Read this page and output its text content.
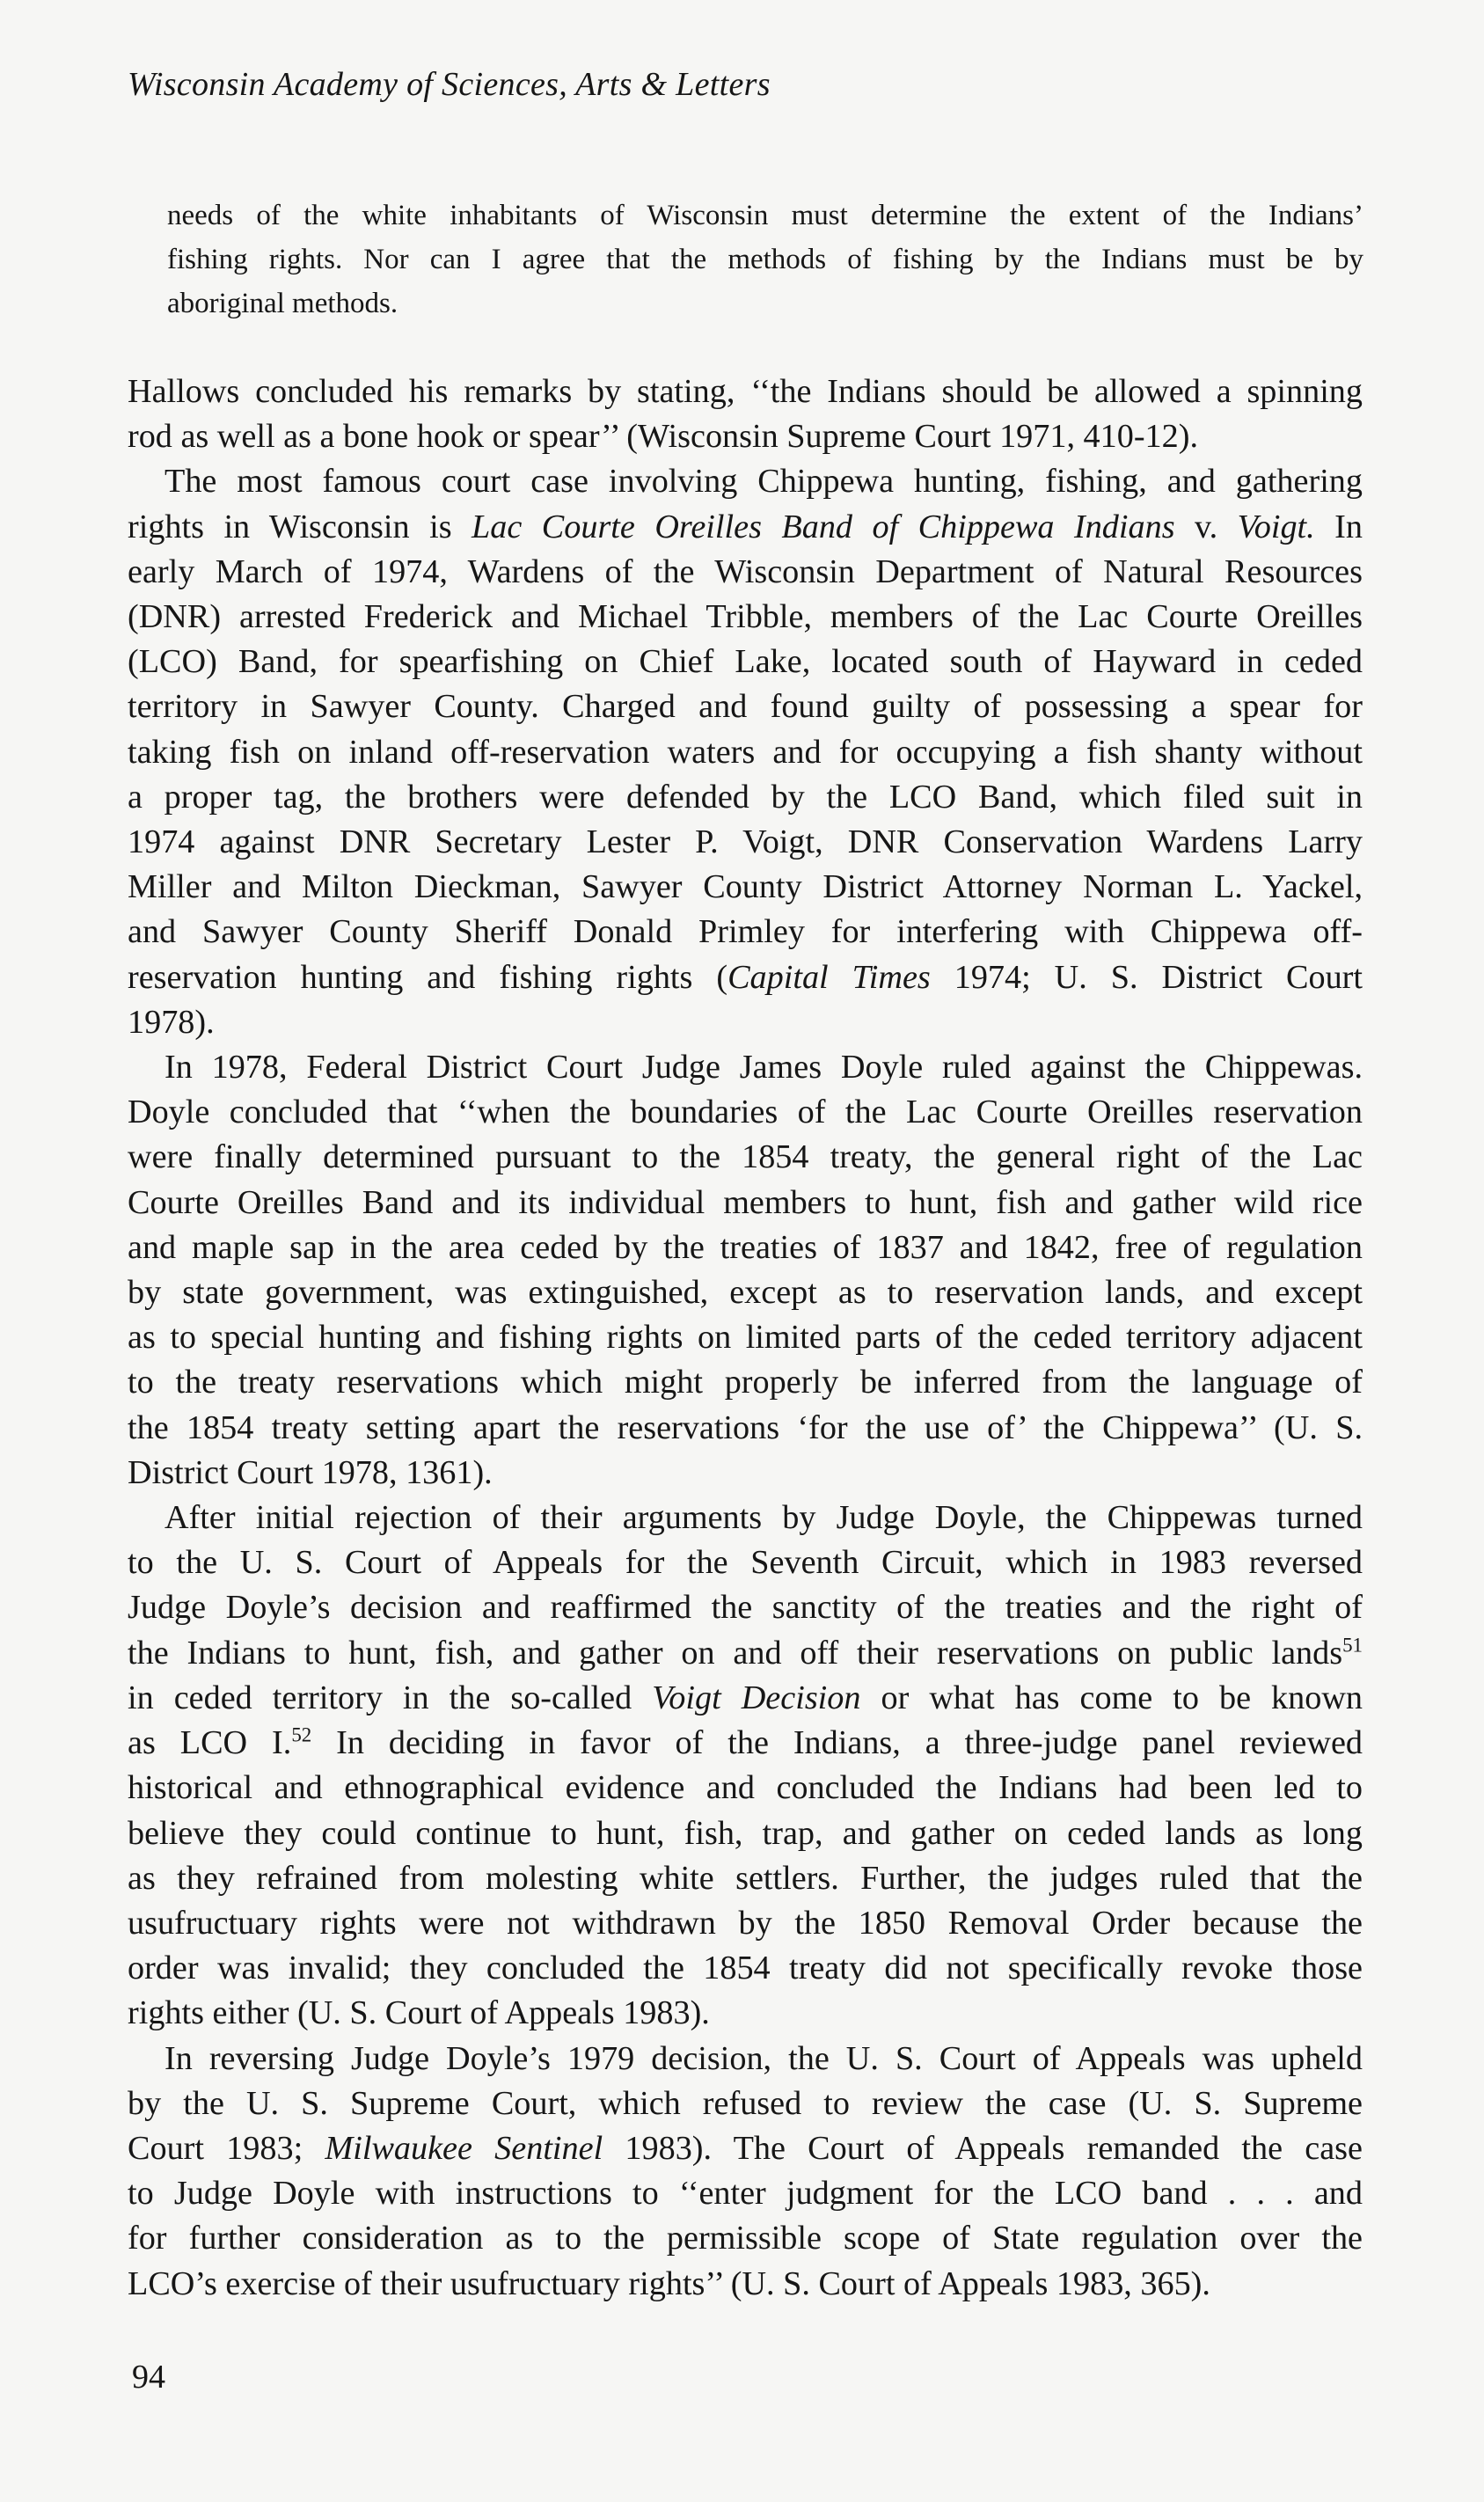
Wisconsin Academy of Sciences, Arts & Letters
needs of the white inhabitants of Wisconsin must determine the extent of the Indians’
fishing rights. Nor can I agree that the methods of fishing by the Indians must be by
aboriginal methods.
Hallows concluded his remarks by stating, ‘‘the Indians should be allowed a spinning
rod as well as a bone hook or spear’’ (Wisconsin Supreme Court 1971, 410-12).
The most famous court case involving Chippewa hunting, fishing, and gathering
rights in Wisconsin is Lac Courte Oreilles Band of Chippewa Indians v. Voigt. In
early March of 1974, Wardens of the Wisconsin Department of Natural Resources
(DNR) arrested Frederick and Michael Tribble, members of the Lac Courte Oreilles
(LCO) Band, for spearfishing on Chief Lake, located south of Hayward in ceded
territory in Sawyer County. Charged and found guilty of possessing a spear for
taking fish on inland off-reservation waters and for occupying a fish shanty without
a proper tag, the brothers were defended by the LCO Band, which filed suit in
1974 against DNR Secretary Lester P. Voigt, DNR Conservation Wardens Larry
Miller and Milton Dieckman, Sawyer County District Attorney Norman L. Yackel,
and Sawyer County Sheriff Donald Primley for interfering with Chippewa off-
reservation hunting and fishing rights (Capital Times 1974; U. S. District Court
1978).
In 1978, Federal District Court Judge James Doyle ruled against the Chippewas.
Doyle concluded that ‘‘when the boundaries of the Lac Courte Oreilles reservation
were finally determined pursuant to the 1854 treaty, the general right of the Lac
Courte Oreilles Band and its individual members to hunt, fish and gather wild rice
and maple sap in the area ceded by the treaties of 1837 and 1842, free of regulation
by state government, was extinguished, except as to reservation lands, and except
as to special hunting and fishing rights on limited parts of the ceded territory adjacent
to the treaty reservations which might properly be inferred from the language of
the 1854 treaty setting apart the reservations ‘for the use of’ the Chippewa’’ (U. S.
District Court 1978, 1361).
After initial rejection of their arguments by Judge Doyle, the Chippewas turned
to the U. S. Court of Appeals for the Seventh Circuit, which in 1983 reversed
Judge Doyle’s decision and reaffirmed the sanctity of the treaties and the right of
the Indians to hunt, fish, and gather on and off their reservations on public lands$^{51}$
in ceded territory in the so-called Voigt Decision or what has come to be known
as LCO I.$^{52}$ In deciding in favor of the Indians, a three-judge panel reviewed
historical and ethnographical evidence and concluded the Indians had been led to
believe they could continue to hunt, fish, trap, and gather on ceded lands as long
as they refrained from molesting white settlers. Further, the judges ruled that the
usufructuary rights were not withdrawn by the 1850 Removal Order because the
order was invalid; they concluded the 1854 treaty did not specifically revoke those
rights either (U. S. Court of Appeals 1983).
In reversing Judge Doyle’s 1979 decision, the U. S. Court of Appeals was upheld
by the U. S. Supreme Court, which refused to review the case (U. S. Supreme
Court 1983; Milwaukee Sentinel 1983). The Court of Appeals remanded the case
to Judge Doyle with instructions to ‘‘enter judgment for the LCO band . . . and
for further consideration as to the permissible scope of State regulation over the
LCO’s exercise of their usufructuary rights’’ (U. S. Court of Appeals 1983, 365).
94
